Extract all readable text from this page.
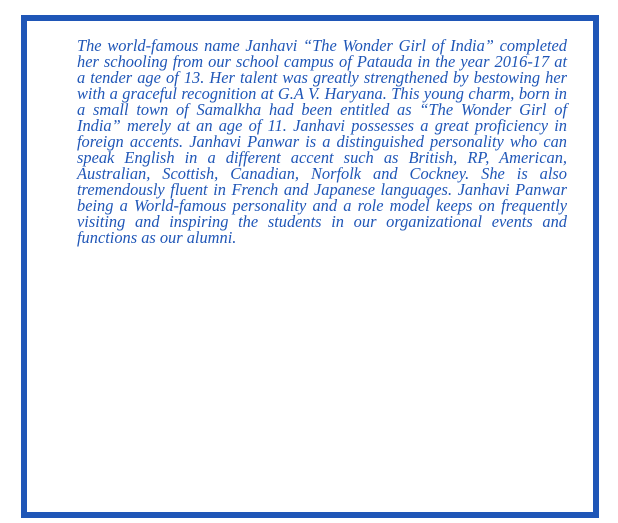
The world-famous name Janhavi “The Wonder Girl of India” completed her schooling from our school campus of Pataudа in the year 2016-17 at a tender age of 13. Her talent was greatly strengthened by bestowing her with a graceful recognition at G.A V. Haryana. This young charm, born in a small town of Samalkha had been entitled as “The Wonder Girl of India” merely at an age of 11. Janhavi possesses a great proficiency in foreign accents. Janhavi Panwar is a distinguished personality who can speak English in a different accent such as British, RP, American, Australian, Scottish, Canadian, Norfolk and Cockney. She is also tremendously fluent in French and Japanese languages. Janhavi Panwar being a World-famous personality and a role model keeps on frequently visiting and inspiring the students in our organizational events and functions as our alumni.
